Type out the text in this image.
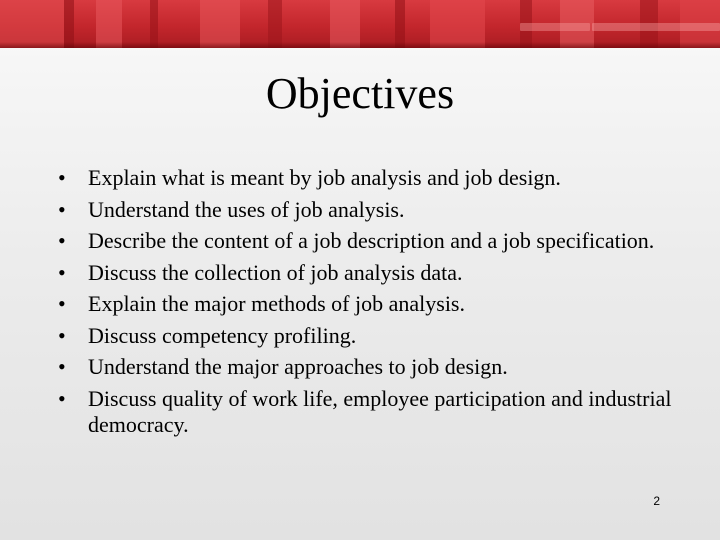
Objectives
•	Explain what is meant by job analysis and job design.
•	Understand the uses of job analysis.
•	Describe the content of a job description and a job specification.
•	Discuss the collection of job analysis data.
•	Explain the major methods of job analysis.
•	Discuss competency profiling.
•	Understand the major approaches to job design.
•	Discuss quality of work life, employee participation and industrial democracy.
2
